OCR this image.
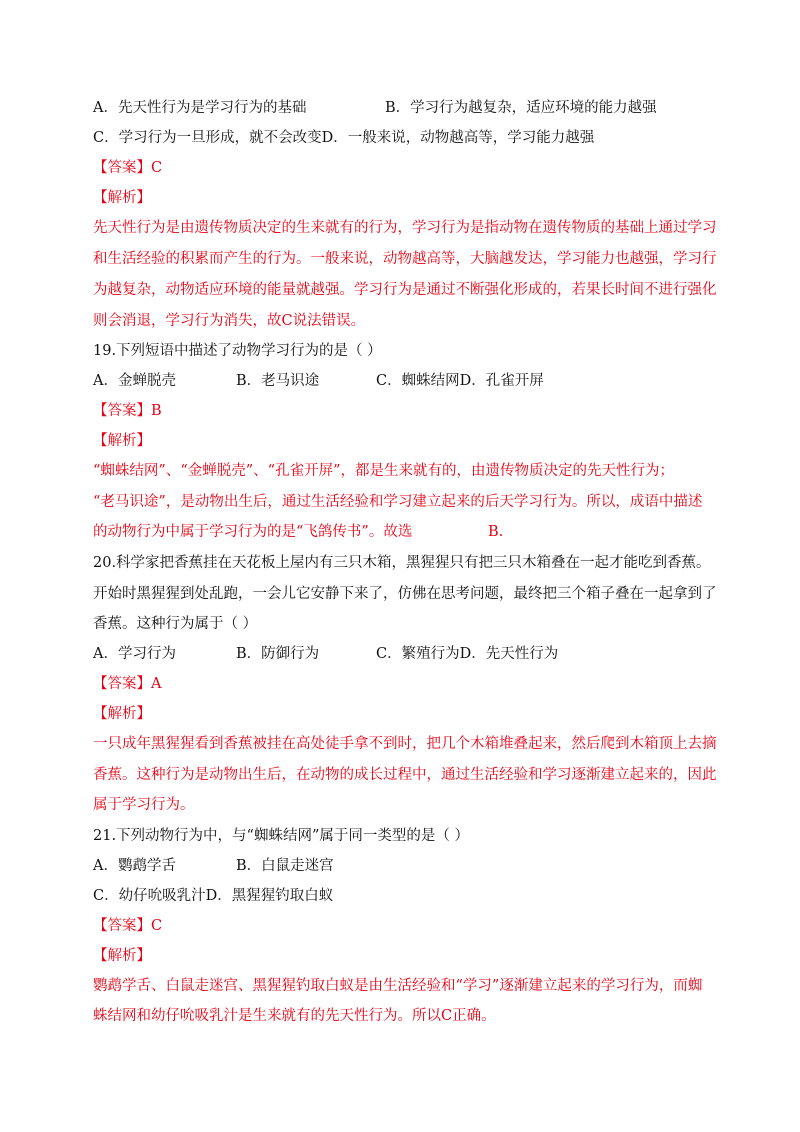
A．先天性行为是学习行为的基础	B．学习行为越复杂，适应环境的能力越强
C．学习行为一旦形成，就不会改变D．一般来说，动物越高等，学习能力越强
【答案】C
【解析】
先天性行为是由遗传物质决定的生来就有的行为，学习行为是指动物在遗传物质的基础上通过学习
和生活经验的积累而产生的行为。一般来说，动物越高等，大脑越发达，学习能力也越强，学习行
为越复杂，动物适应环境的能量就越强。学习行为是通过不断强化形成的，若果长时间不进行强化
则会消退，学习行为消失，故C说法错误。
19.下列短语中描述了动物学习行为的是（ ）
A．金蝉脱壳	B．老马识途	C．蜘蛛结网D．孔雀开屏
【答案】B
【解析】
“蜘蛛结网”、“金蝉脱壳”、“孔雀开屏”，都是生来就有的，由遗传物质决定的先天性行为；
“老马识途”，是动物出生后，通过生活经验和学习建立起来的后天学习行为。所以，成语中描述
的动物行为中属于学习行为的是“飞鸽传书”。故选	B.
20.科学家把香蕉挂在天花板上屋内有三只木箱，黑猩猩只有把三只木箱叠在一起才能吃到香蕉。
开始时黑猩猩到处乱跑，一会儿它安静下来了，仿佛在思考问题，最终把三个箱子叠在一起拿到了
香蕉。这种行为属于（ ）
A．学习行为	B．防御行为	C．繁殖行为D．先天性行为
【答案】A
【解析】
一只成年黑猩猩看到香蕉被挂在高处徒手拿不到时，把几个木箱堆叠起来，然后爬到木箱顶上去摘
香蕉。这种行为是动物出生后，在动物的成长过程中，通过生活经验和学习逐渐建立起来的，因此
属于学习行为。
21.下列动物行为中，与“蜘蛛结网”属于同一类型的是（ ）
A．鹦鹉学舌	B．白鼠走迷宫
C．幼仔吮吸乳汁D．黑猩猩钓取白蚁
【答案】C
【解析】
鹦鹉学舌、白鼠走迷宫、黑猩猩钓取白蚁是由生活经验和“学习”逐渐建立起来的学习行为，而蜘
蛛结网和幼仔吮吸乳汁是生来就有的先天性行为。所以C正确。
